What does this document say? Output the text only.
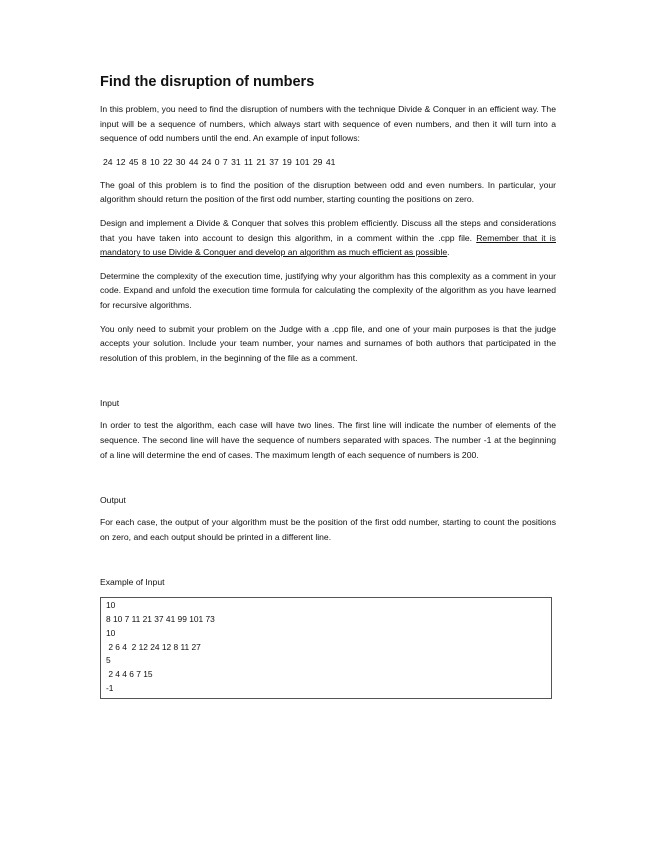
Find the disruption of numbers

In this problem, you need to find the disruption of numbers with the technique Divide & Conquer in an efficient way. The input will be a sequence of numbers, which always start with sequence of even numbers, and then it will turn into a sequence of odd numbers until the end. An example of input follows:

24 12 45 8 10 22 30 44 24 0 7 31 11 21 37 19 101 29 41

The goal of this problem is to find the position of the disruption between odd and even numbers. In particular, your algorithm should return the position of the first odd number, starting counting the positions on zero.

Design and implement a Divide & Conquer that solves this problem efficiently. Discuss all the steps and considerations that you have taken into account to design this algorithm, in a comment within the .cpp file. Remember that it is mandatory to use Divide & Conquer and develop an algorithm as much efficient as possible.

Determine the complexity of the execution time, justifying why your algorithm has this complexity as a comment in your code. Expand and unfold the execution time formula for calculating the complexity of the algorithm as you have learned for recursive algorithms.

You only need to submit your problem on the Judge with a .cpp file, and one of your main purposes is that the judge accepts your solution. Include your team number, your names and surnames of both authors that participated in the resolution of this problem, in the beginning of the file as a comment.

Input

In order to test the algorithm, each case will have two lines. The first line will indicate the number of elements of the sequence. The second line will have the sequence of numbers separated with spaces. The number -1 at the beginning of a line will determine the end of cases. The maximum length of each sequence of numbers is 200.

Output

For each case, the output of your algorithm must be the position of the first odd number, starting to count the positions on zero, and each output should be printed in a different line.

Example of Input
10
8 10 7 11 21 37 41 99 101 73
10
2 6 4  2 12 24 12 8 11 27
5
2 4 4 6 7 15
-1
